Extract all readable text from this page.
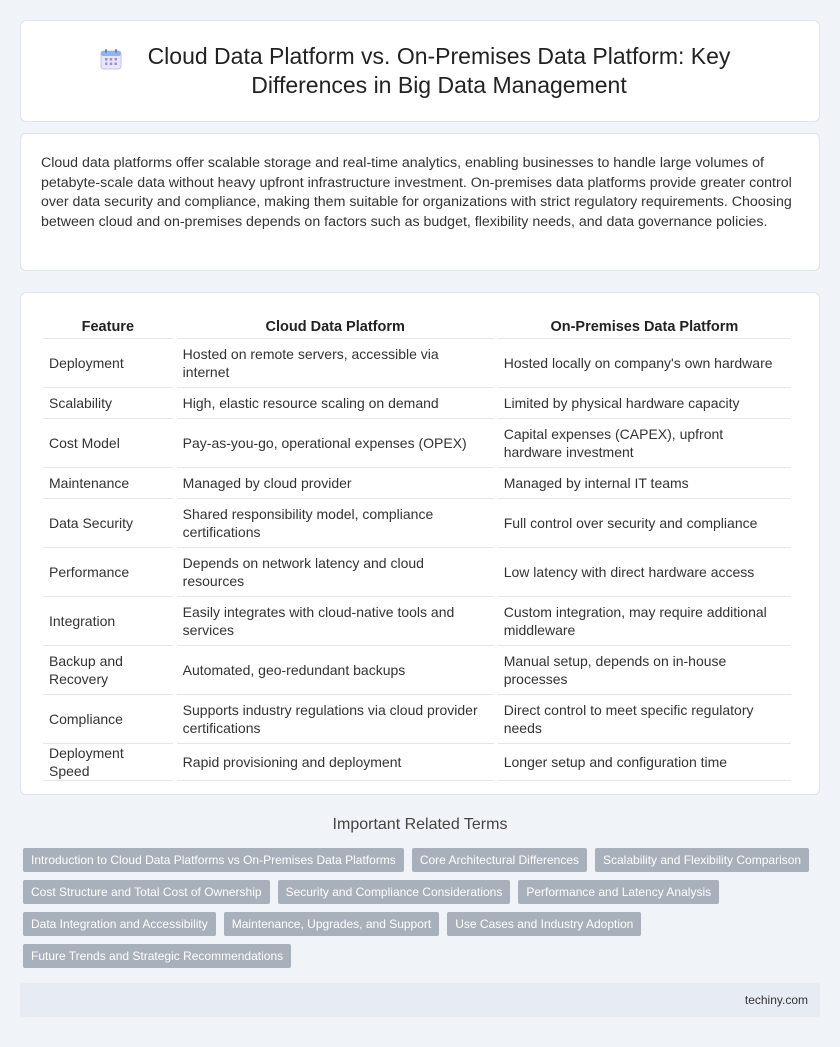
Cloud Data Platform vs. On-Premises Data Platform: Key Differences in Big Data Management

Cloud data platforms offer scalable storage and real-time analytics, enabling businesses to handle large volumes of petabyte-scale data without heavy upfront infrastructure investment. On-premises data platforms provide greater control over data security and compliance, making them suitable for organizations with strict regulatory requirements. Choosing between cloud and on-premises depends on factors such as budget, flexibility needs, and data governance policies.

Feature	Cloud Data Platform	On-Premises Data Platform
Deployment	Hosted on remote servers, accessible via internet	Hosted locally on company's own hardware
Scalability	High, elastic resource scaling on demand	Limited by physical hardware capacity
Cost Model	Pay-as-you-go, operational expenses (OPEX)	Capital expenses (CAPEX), upfront hardware investment
Maintenance	Managed by cloud provider	Managed by internal IT teams
Data Security	Shared responsibility model, compliance certifications	Full control over security and compliance
Performance	Depends on network latency and cloud resources	Low latency with direct hardware access
Integration	Easily integrates with cloud-native tools and services	Custom integration, may require additional middleware
Backup and Recovery	Automated, geo-redundant backups	Manual setup, depends on in-house processes
Compliance	Supports industry regulations via cloud provider certifications	Direct control to meet specific regulatory needs
Deployment Speed	Rapid provisioning and deployment	Longer setup and configuration time
Important Related Terms
Introduction to Cloud Data Platforms vs On-Premises Data Platforms	Core Architectural Differences	Scalability and Flexibility Comparison
Cost Structure and Total Cost of Ownership	Security and Compliance Considerations	Performance and Latency Analysis
Data Integration and Accessibility	Maintenance, Upgrades, and Support	Use Cases and Industry Adoption
Future Trends and Strategic Recommendations
techiny.com
